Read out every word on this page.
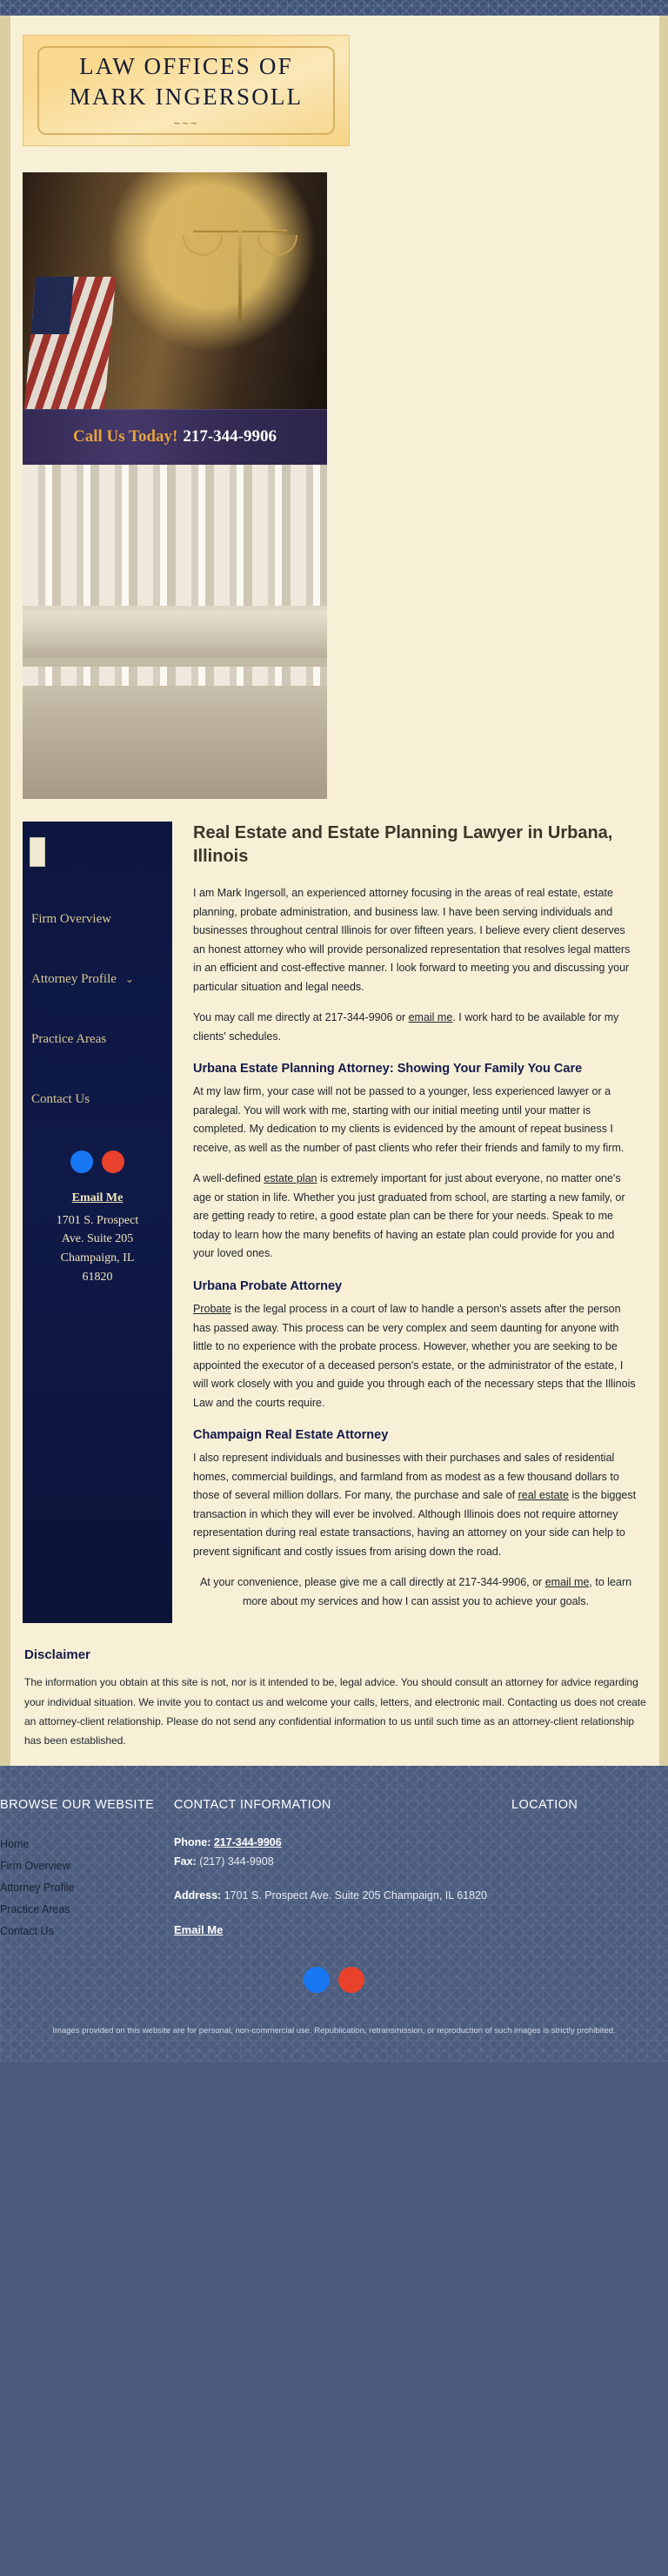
LAW OFFICES OF
MARK INGERSOLL
~~~
Call Us Today! 217-344-9906
Firm Overview
Attorney Profile ⌄
Practice Areas
Contact Us
Email Me
1701 S. Prospect
Ave. Suite 205
Champaign, IL
61820
Real Estate and Estate Planning Lawyer in Urbana, Illinois

I am Mark Ingersoll, an experienced attorney focusing in the areas of real estate, estate planning, probate administration, and business law. I have been serving individuals and businesses throughout central Illinois for over fifteen years. I believe every client deserves an honest attorney who will provide personalized representation that resolves legal matters in an efficient and cost-effective manner. I look forward to meeting you and discussing your particular situation and legal needs.

You may call me directly at 217-344-9906 or email me. I work hard to be available for my clients' schedules.

Urbana Estate Planning Attorney: Showing Your Family You Care

At my law firm, your case will not be passed to a younger, less experienced lawyer or a paralegal. You will work with me, starting with our initial meeting until your matter is completed. My dedication to my clients is evidenced by the amount of repeat business I receive, as well as the number of past clients who refer their friends and family to my firm.

A well-defined estate plan is extremely important for just about everyone, no matter one's age or station in life. Whether you just graduated from school, are starting a new family, or are getting ready to retire, a good estate plan can be there for your needs. Speak to me today to learn how the many benefits of having an estate plan could provide for you and your loved ones.

Urbana Probate Attorney

Probate is the legal process in a court of law to handle a person's assets after the person has passed away. This process can be very complex and seem daunting for anyone with little to no experience with the probate process. However, whether you are seeking to be appointed the executor of a deceased person's estate, or the administrator of the estate, I will work closely with you and guide you through each of the necessary steps that the Illinois Law and the courts require.

Champaign Real Estate Attorney

I also represent individuals and businesses with their purchases and sales of residential homes, commercial buildings, and farmland from as modest as a few thousand dollars to those of several million dollars. For many, the purchase and sale of real estate is the biggest transaction in which they will ever be involved. Although Illinois does not require attorney representation during real estate transactions, having an attorney on your side can help to prevent significant and costly issues from arising down the road.

At your convenience, please give me a call directly at 217-344-9906, or email me, to learn more about my services and how I can assist you to achieve your goals.

Disclaimer

The information you obtain at this site is not, nor is it intended to be, legal advice. You should consult an attorney for advice regarding your individual situation. We invite you to contact us and welcome your calls, letters, and electronic mail. Contacting us does not create an attorney-client relationship. Please do not send any confidential information to us until such time as an attorney-client relationship has been established.

BROWSE OUR WEBSITE
Home
Firm Overview
Attorney Profile
Practice Areas
Contact Us
CONTACT INFORMATION
Phone: 217-344-9906
Fax: (217) 344-9908
Address: 1701 S. Prospect Ave. Suite 205 Champaign, IL 61820
Email Me
LOCATION
Images provided on this website are for personal, non-commercial use. Republication, retransmission, or reproduction of such images is strictly prohibited.
